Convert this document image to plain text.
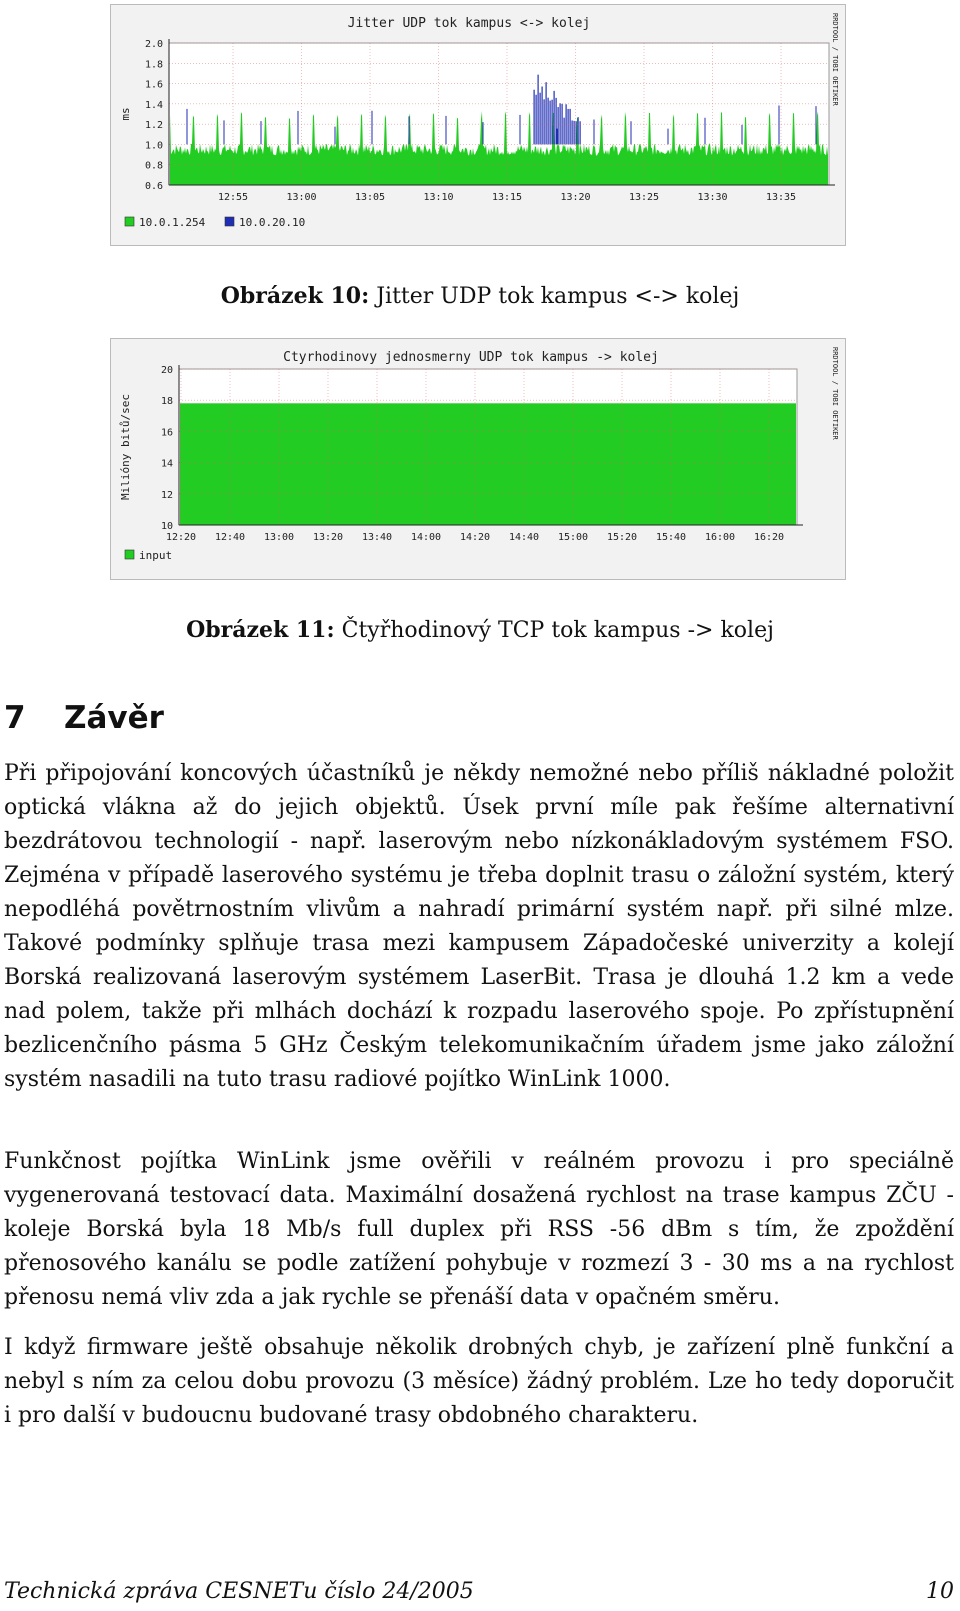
Jitter UDP tok kampus <-> kolej	RRDTOOL / TOBI OETIKER
ms
2.0
1.8
1.6
1.4
1.2
1.0
0.8
0.6
12:55	13:00	13:05	13:10	13:15	13:20	13:25	13:30	13:35
10.0.1.254	10.0.20.10
Obrázek 10: Jitter UDP tok kampus <-> kolej
Ctyrhodinovy jednosmerny UDP tok kampus -> kolej	RRDTOOL / TOBI OETIKER
Milióny bitů/sec
20
18
16
14
12
10
12:20 12:40 13:00 13:20 13:40 14:00 14:20 14:40 15:00 15:20 15:40 16:00 16:20
input
Obrázek 11: Čtyřhodinový TCP tok kampus -> kolej
7 Závěr

Při připojování koncových účastníků je někdy nemožné nebo příliš nákladné položit optická vlákna až do jejich objektů. Úsek první míle pak řešíme alternativní bezdrátovou technologií - např. laserovým nebo nízkonákladovým systémem FSO. Zejména v případě laserového systému je třeba doplnit trasu o záložní systém, který nepodléhá povětrnostním vlivům a nahradí primární systém např. při silné mlze. Takové podmínky splňuje trasa mezi kampusem Západočeské univerzity a kolejí Borská realizovaná laserovým systémem LaserBit. Trasa je dlouhá 1.2 km a vede nad polem, takže při mlhách dochází k rozpadu laserového spoje. Po zpřístupnění bezlicenčního pásma 5 GHz Českým telekomunikačním úřadem jsme jako záložní systém nasadili na tuto trasu radiové pojítko WinLink 1000.

Funkčnost pojítka WinLink jsme ověřili v reálném provozu i pro speciálně vygenerovaná testovací data. Maximální dosažená rychlost na trase kampus ZČU - koleje Borská byla 18 Mb/s full duplex při RSS -56 dBm s tím, že zpoždění přenosového kanálu se podle zatížení pohybuje v rozmezí 3 - 30 ms a na rychlost přenosu nemá vliv zda a jak rychle se přenáší data v opačném směru.

I když firmware ještě obsahuje několik drobných chyb, je zařízení plně funkční a nebyl s ním za celou dobu provozu (3 měsíce) žádný problém. Lze ho tedy doporučit i pro další v budoucnu budované trasy obdobného charakteru.

Technická zpráva CESNETu číslo 24/2005	10
